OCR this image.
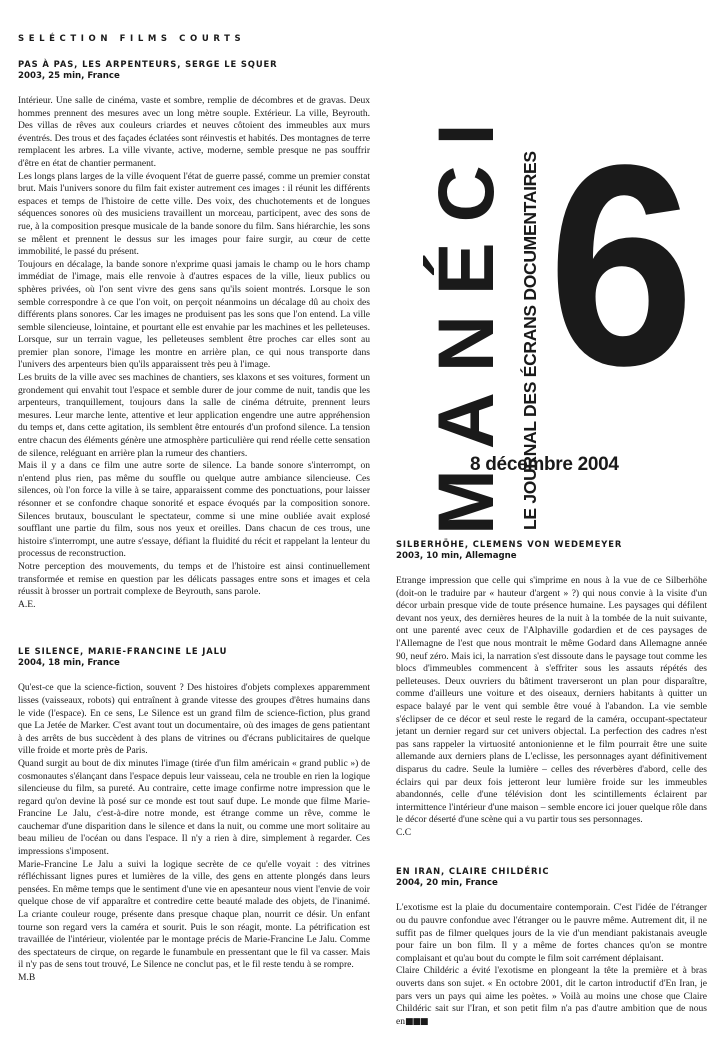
SELÉCTION FILMS COURTS
PAS À PAS, LES ARPENTEURS, SERGE LE SQUER
2003, 25 min, France

Intérieur. Une salle de cinéma, vaste et sombre, remplie de décombres et de gravas. Deux hommes prennent des mesures avec un long mètre souple. Extérieur. La ville, Beyrouth. Des villas de rêves aux couleurs criardes et neuves côtoient des immeubles aux murs éventrés. Des trous et des façades éclatées sont réinvestis et habités. Des montagnes de terre remplacent les arbres. La ville vivante, active, moderne, semble presque ne pas souffrir d'être en état de chantier permanent.

Les longs plans larges de la ville évoquent l'état de guerre passé, comme un premier constat brut. Mais l'univers sonore du film fait exister autrement ces images : il réunit les différents espaces et temps de l'histoire de cette ville. Des voix, des chuchotements et de longues séquences sonores où des musiciens travaillent un morceau, participent, avec des sons de rue, à la composition presque musicale de la bande sonore du film. Sans hiérarchie, les sons se mêlent et prennent le dessus sur les images pour faire surgir, au cœur de cette immobilité, le passé du présent.

Toujours en décalage, la bande sonore n'exprime quasi jamais le champ ou le hors champ immédiat de l'image, mais elle renvoie à d'autres espaces de la ville, lieux publics ou sphères privées, où l'on sent vivre des gens sans qu'ils soient montrés. Lorsque le son semble correspondre à ce que l'on voit, on perçoit néanmoins un décalage dû au choix des différents plans sonores. Car les images ne produisent pas les sons que l'on entend. La ville semble silencieuse, lointaine, et pourtant elle est envahie par les machines et les pelleteuses. Lorsque, sur un terrain vague, les pelleteuses semblent être proches car elles sont au premier plan sonore, l'image les montre en arrière plan, ce qui nous transporte dans l'univers des arpenteurs bien qu'ils apparaissent très peu à l'image.

Les bruits de la ville avec ses machines de chantiers, ses klaxons et ses voitures, forment un grondement qui envahit tout l'espace et semble durer de jour comme de nuit, tandis que les arpenteurs, tranquillement, toujours dans la salle de cinéma détruite, prennent leurs mesures. Leur marche lente, attentive et leur application engendre une autre appréhension du temps et, dans cette agitation, ils semblent être entourés d'un profond silence. La tension entre chacun des éléments génère une atmosphère particulière qui rend réelle cette sensation de silence, reléguant en arrière plan la rumeur des chantiers.

Mais il y a dans ce film une autre sorte de silence. La bande sonore s'interrompt, on n'entend plus rien, pas même du souffle ou quelque autre ambiance silencieuse. Ces silences, où l'on force la ville à se taire, apparaissent comme des ponctuations, pour laisser résonner et se confondre chaque sonorité et espace évoqués par la composition sonore. Silences brutaux, bousculant le spectateur, comme si une mine oubliée avait explosé soufflant une partie du film, sous nos yeux et oreilles. Dans chacun de ces trous, une histoire s'interrompt, une autre s'essaye, défiant la fluidité du récit et rappelant la lenteur du processus de reconstruction.

Notre perception des mouvements, du temps et de l'histoire est ainsi continuellement transformée et remise en question par les délicats passages entre sons et images et cela réussit à brosser un portrait complexe de Beyrouth, sans parole.

A.E.
LE SILENCE, MARIE-FRANCINE LE JALU
2004, 18 min, France

Qu'est-ce que la science-fiction, souvent ? Des histoires d'objets complexes apparemment lisses (vaisseaux, robots) qui entraînent à grande vitesse des groupes d'êtres humains dans le vide (l'espace). En ce sens, Le Silence est un grand film de science-fiction, plus grand que La Jetée de Marker. C'est avant tout un documentaire, où des images de gens patientant à des arrêts de bus succèdent à des plans de vitrines ou d'écrans publicitaires de quelque ville froide et morte près de Paris.

Quand surgit au bout de dix minutes l'image (tirée d'un film américain « grand public ») de cosmonautes s'élançant dans l'espace depuis leur vaisseau, cela ne trouble en rien la logique silencieuse du film, sa pureté. Au contraire, cette image confirme notre impression que le regard qu'on devine là posé sur ce monde est tout sauf dupe. Le monde que filme Marie-Francine Le Jalu, c'est-à-dire notre monde, est étrange comme un rêve, comme le cauchemar d'une disparition dans le silence et dans la nuit, ou comme une mort solitaire au beau milieu de l'océan ou dans l'espace. Il n'y a rien à dire, simplement à regarder. Ces impressions s'imposent.

Marie-Francine Le Jalu a suivi la logique secrète de ce qu'elle voyait : des vitrines réfléchissant lignes pures et lumières de la ville, des gens en attente plongés dans leurs pensées. En même temps que le sentiment d'une vie en apesanteur nous vient l'envie de voir quelque chose de vif apparaître et contredire cette beauté malade des objets, de l'inanimé. La criante couleur rouge, présente dans presque chaque plan, nourrit ce désir. Un enfant tourne son regard vers la caméra et sourit. Puis le son réagit, monte. La pétrification est travaillée de l'intérieur, violentée par le montage précis de Marie-Francine Le Jalu. Comme des spectateurs de cirque, on regarde le funambule en pressentant que le fil va casser. Mais il n'y pas de sens tout trouvé, Le Silence ne conclut pas, et le fil reste tendu à se rompre.

M.B
MANÉCI LE JOURNAL DES ÉCRANS DOCUMENTAIRES 6
8 décembre 2004
SILBERHÖHE, CLEMENS VON WEDEMEYER
2003, 10 min, Allemagne

Etrange impression que celle qui s'imprime en nous à la vue de ce Silberhöhe (doit-on le traduire par « hauteur d'argent » ?) qui nous convie à la visite d'un décor urbain presque vide de toute présence humaine. Les paysages qui défilent devant nos yeux, des dernières heures de la nuit à la tombée de la nuit suivante, ont une parenté avec ceux de l'Alphaville godardien et de ces paysages de l'Allemagne de l'est que nous montrait le même Godard dans Allemagne année 90, neuf zéro. Mais ici, la narration s'est dissoute dans le paysage tout comme les blocs d'immeubles commencent à s'effriter sous les assauts répétés des pelleteuses. Deux ouvriers du bâtiment traverseront un plan pour disparaître, comme d'ailleurs une voiture et des oiseaux, derniers habitants à quitter un espace balayé par le vent qui semble être voué à l'abandon. La vie semble s'éclipser de ce décor et seul reste le regard de la caméra, occupant-spectateur jetant un dernier regard sur cet univers objectal. La perfection des cadres n'est pas sans rappeler la virtuosité antonionienne et le film pourrait être une suite allemande aux derniers plans de L'eclisse, les personnages ayant définitivement disparus du cadre. Seule la lumière – celles des réverbères d'abord, celle des éclairs qui par deux fois jetteront leur lumière froide sur les immeubles abandonnés, celle d'une télévision dont les scintillements éclairent par intermittence l'intérieur d'une maison – semble encore ici jouer quelque rôle dans le décor déserté d'une scène qui a vu partir tous ses personnages.

C.C
EN IRAN, CLAIRE CHILDÉRIC
2004, 20 min, France

L'exotisme est la plaie du documentaire contemporain. C'est l'idée de l'étranger ou du pauvre confondue avec l'étranger ou le pauvre même. Autrement dit, il ne suffit pas de filmer quelques jours de la vie d'un mendiant pakistanais aveugle pour faire un bon film. Il y a même de fortes chances qu'on se montre complaisant et qu'au bout du compte le film soit carrément déplaisant.

Claire Childéric a évité l'exotisme en plongeant la tête la première et à bras ouverts dans son sujet. « En octobre 2001, dit le carton introductif d'En Iran, je pars vers un pays qui aime les poètes. » Voilà au moins une chose que Claire Childéric sait sur l'Iran, et son petit film n'a pas d'autre ambition que de nous en■■■
